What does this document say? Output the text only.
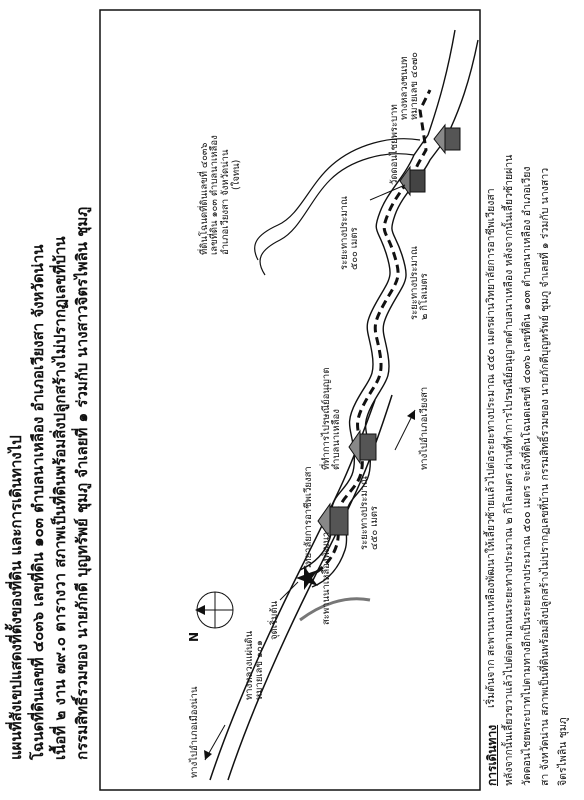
แผนที่สังเขปแสดงที่ตั้งของที่ดิน และการเดินทางไป โฉนดที่ดินเลขที่ ๔๐๓๖ เลขที่ดิน ๑๐๓ ตำบลนาเหลือง อำเภอเวียงสา จังหวัดน่าน เนื้อที่ ๒ งาน ๗๙.๐ ตารางวา สภาพเป็นที่ดินพร้อมสิ่งปลูกสร้างไม่ปรากฏเลขที่บ้าน กรรมสิทธิ์รวมของ นายภักดี บุญทรัพย์ ชุมภู จำเลยที่ ๑ ร่วมกับ นางสาวจิตรไพลิน ชุมภู	ทางไปอำเภอเมืองน่าน
ทางไปอำเภอเวียงสา
ทางหลวงแผ่นดิน
หมายเลข ๑๐๑
จุดเริ่มต้น	สะพานนาเหลืองพัฒนา
วิทยาลัยการอาชีพเวียงสา	ระยะทางประมาณ
๔๕๐ เมตร
ที่ทำการไปรษณีย์อนุญาต
ตำบลนาเหลือง
ระยะทางประมาณ
๒ กิโลเมตร
ระยะทางประมาณ
๕๐๐ เมตร
ที่ดินโฉนดที่ดินเลขที่ ๔๐๓๖
เลขที่ดิน ๑๐๓ ตำบลนาเหลือง
อำเภอเวียงสา จังหวัดน่าน (ใจทน)	วัดดอนไชยพระบาท
ทางหลวงชนบท
หมายเลข ๔๐๗๐
N
การเดินทาง
เริ่มต้นจาก สะพานนาเหลืองพัฒนาให้เลี้ยวซ้ายแล้วไปต่อระยะทางประมาณ ๔๕๐ เมตรผ่านวิทยาลัยการอาชีพเวียงสา หลังจากนั้นเลี้ยวขวาแล้วไปต่อตามถนนระยะทางประมาณ ๒ กิโลเมตร ผ่านที่ทำการไปรษณีย์อนุญาตตำบลนาเหลือง หลังจากนั้นเลี้ยวซ้ายผ่าน วัดดอนไชยพระบาทไปตามทางอีกเป็นระยะทางประมาณ ๕๐๐ เมตร จะถึงที่ดินโฉนดเลขที่ ๔๐๓๖ เลขที่ดิน ๑๐๓ ตำบลนาเหลือง อำเภอเวียง สา จังหวัดน่าน สภาพเป็นที่ดินพร้อมสิ่งปลูกสร้างไม่ปรากฏเลขที่บ้าน กรรมสิทธิ์รวมของ นายภักดีบุญทรัพย์ ชุมภู จำเลยที่ ๑ ร่วมกับ นางสาว จิตรไพลิน ชุมภู
